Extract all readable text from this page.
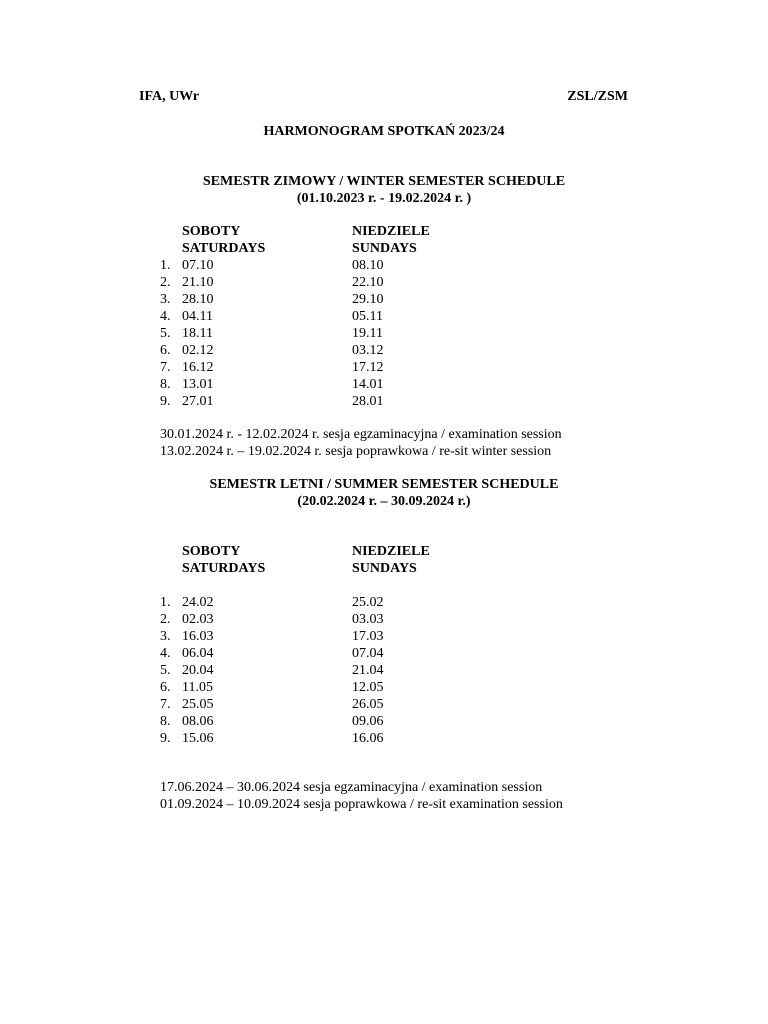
IFA, UWr	ZSL/ZSM
HARMONOGRAM SPOTKAŃ 2023/24
SEMESTR ZIMOWY / WINTER SEMESTER SCHEDULE
(01.10.2023 r. - 19.02.2024 r. )
SOBOTY
SATURDAYS
NIEDZIELE
SUNDAYS
1. 07.10	08.10
2. 21.10	22.10
3. 28.10	29.10
4. 04.11	05.11
5. 18.11	19.11
6. 02.12	03.12
7. 16.12	17.12
8. 13.01	14.01
9. 27.01	28.01
30.01.2024 r. - 12.02.2024 r. sesja egzaminacyjna / examination session
13.02.2024 r. – 19.02.2024 r. sesja poprawkowa / re-sit winter session
SEMESTR LETNI / SUMMER SEMESTER SCHEDULE
(20.02.2024 r. – 30.09.2024 r.)
SOBOTY
SATURDAYS
NIEDZIELE
SUNDAYS
1. 24.02	25.02
2. 02.03	03.03
3. 16.03	17.03
4. 06.04	07.04
5. 20.04	21.04
6. 11.05	12.05
7. 25.05	26.05
8. 08.06	09.06
9. 15.06	16.06
17.06.2024 – 30.06.2024 sesja egzaminacyjna / examination session
01.09.2024 – 10.09.2024 sesja poprawkowa / re-sit examination session
